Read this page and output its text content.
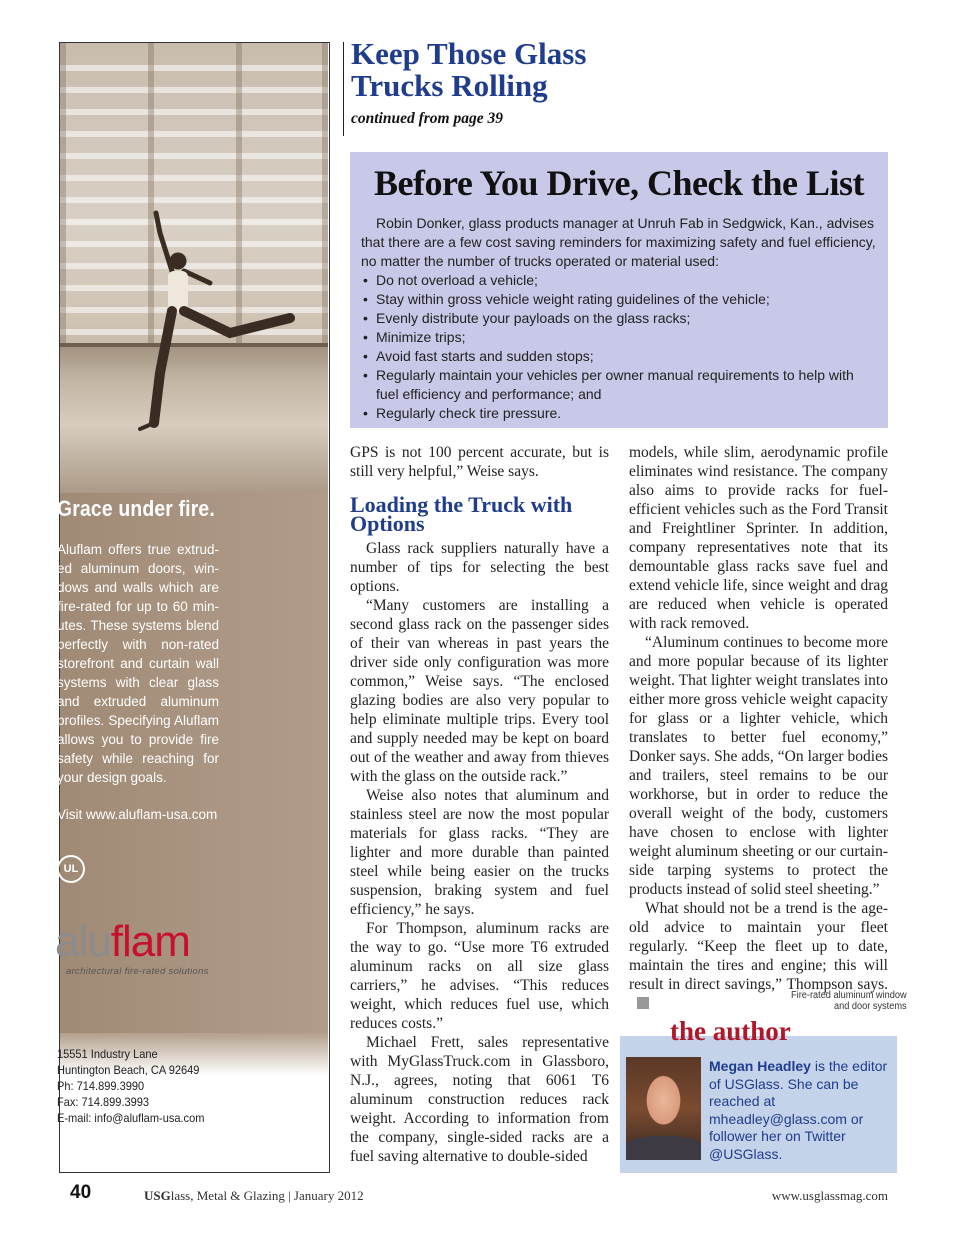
Grace under fire.
Aluflam offers true extrud-ed aluminum doors, win-dows and walls which are fire-rated for up to 60 min-utes. These systems blend perfectly with non-rated storefront and curtain wall systems with clear glass and extruded aluminum profiles. Specifying Aluflam allows you to provide fire safety while reaching for your design goals.
Visit www.aluflam-usa.com
UL
aluflam
architectural fire-rated solutions
Fire-rated aluminum window
and door systems
15551 Industry Lane
Huntington Beach, CA 92649
Ph: 714.899.3990
Fax: 714.899.3993
E-mail: info@aluflam-usa.com
Keep Those Glass
Trucks Rolling
continued from page 39
Before You Drive, Check the List
Robin Donker, glass products manager at Unruh Fab in Sedgwick, Kan., advises that there are a few cost saving reminders for maximizing safety and fuel efficiency, no matter the number of trucks operated or material used:
• Do not overload a vehicle;
• Stay within gross vehicle weight rating guidelines of the vehicle;
• Evenly distribute your payloads on the glass racks;
• Minimize trips;
• Avoid fast starts and sudden stops;
• Regularly maintain your vehicles per owner manual requirements to help with fuel efficiency and performance; and
• Regularly check tire pressure.

GPS is not 100 percent accurate, but is still very helpful,” Weise says.

Loading the Truck with Options

Glass rack suppliers naturally have a number of tips for selecting the best options.

“Many customers are installing a second glass rack on the passenger sides of their van whereas in past years the driver side only configuration was more common,” Weise says. “The enclosed glazing bodies are also very popular to help eliminate multiple trips. Every tool and supply needed may be kept on board out of the weather and away from thieves with the glass on the outside rack.”

Weise also notes that aluminum and stainless steel are now the most popular materials for glass racks. “They are lighter and more durable than painted steel while being easier on the trucks suspension, braking system and fuel efficiency,” he says.

For Thompson, aluminum racks are the way to go. “Use more T6 extruded aluminum racks on all size glass carriers,” he advises. “This reduces weight, which reduces fuel use, which reduces costs.”

Michael Frett, sales representative with MyGlassTruck.com in Glassboro, N.J., agrees, noting that 6061 T6 aluminum construction reduces rack weight. According to information from the company, single-sided racks are a fuel saving alternative to double-sided

models, while slim, aerodynamic profile eliminates wind resistance. The company also aims to provide racks for fuel-efficient vehicles such as the Ford Transit and Freightliner Sprinter. In addition, company representatives note that its demountable glass racks save fuel and extend vehicle life, since weight and drag are reduced when vehicle is operated with rack removed.

“Aluminum continues to become more and more popular because of its lighter weight. That lighter weight translates into either more gross vehicle weight capacity for glass or a lighter vehicle, which translates to better fuel economy,” Donker says. She adds, “On larger bodies and trailers, steel remains to be our workhorse, but in order to reduce the overall weight of the body, customers have chosen to enclose with lighter weight aluminum sheeting or our curtain-side tarping systems to protect the products instead of solid steel sheeting.”

What should not be a trend is the age-old advice to maintain your fleet regularly. “Keep the fleet up to date, maintain the tires and engine; this will result in direct savings,” Thompson says.

Megan Headley is the editor of USGlass. She can be reached at mheadley@glass.com or follower her on Twitter @USGlass.
the author
40	USGlass, Metal & Glazing | January 2012	www.usglassmag.com
